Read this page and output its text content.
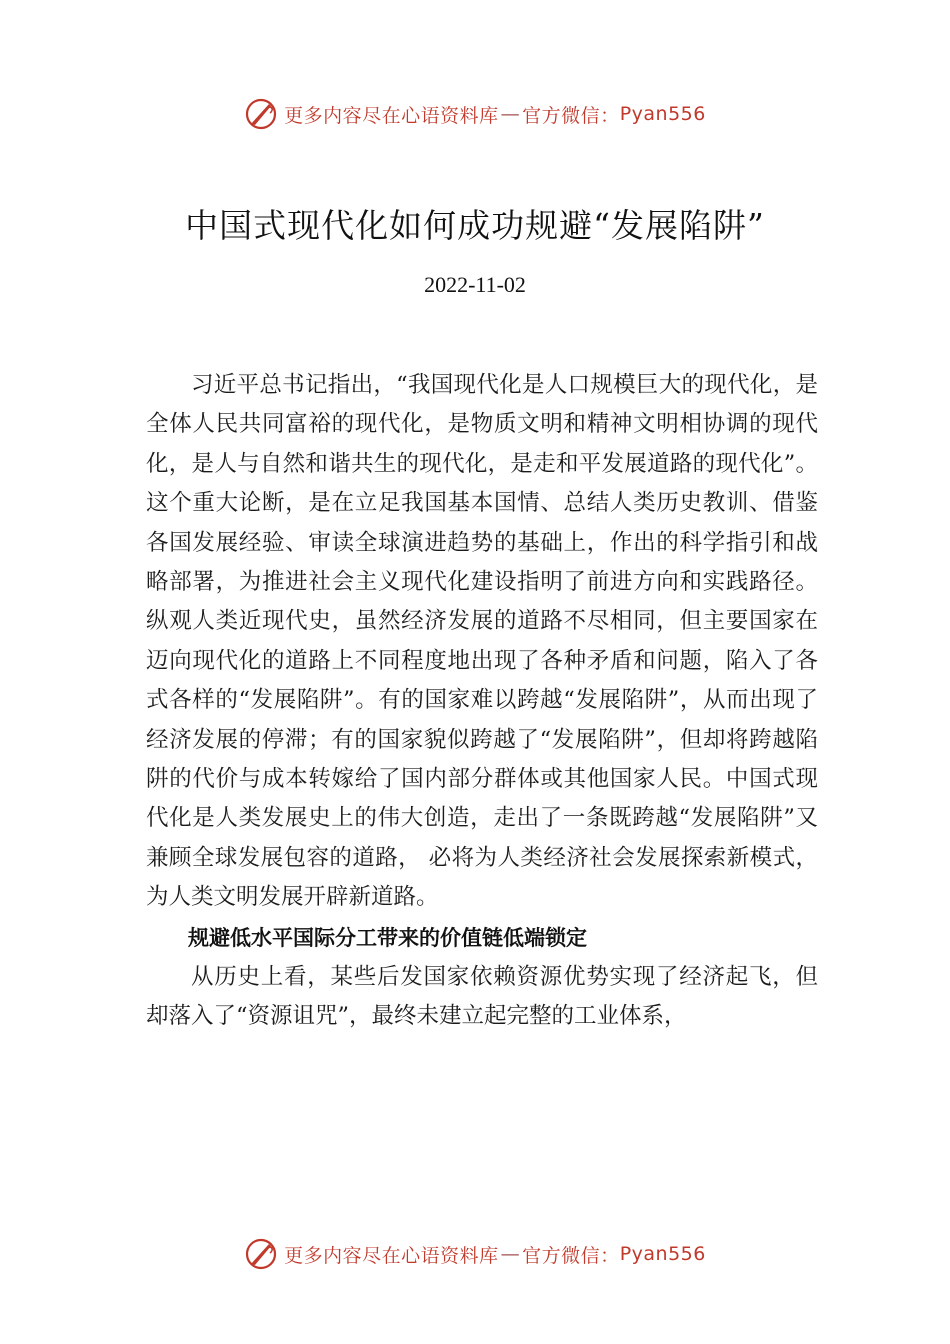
更多内容尽在心语资料库 — 官方微信： Pyan556
中国式现代化如何成功规避“发展陷阱”
2022-11-02

习近平总书记指出，“我国现代化是人口规模巨大的现代化，是全体人民共同富裕的现代化，是物质文明和精神文明相协调的现代化，是人与自然和谐共生的现代化，是走和平发展道路的现代化”。这个重大论断，是在立足我国基本国情、总结人类历史教训、借鉴各国发展经验、审读全球演进趋势的基础上，作出的科学指引和战略部署，为推进社会主义现代化建设指明了前进方向和实践路径。纵观人类近现代史，虽然经济发展的道路不尽相同，但主要国家在迈向现代化的道路上不同程度地出现了各种矛盾和问题，陷入了各式各样的“发展陷阱”。有的国家难以跨越“发展陷阱”，从而出现了经济发展的停滞；有的国家貌似跨越了“发展陷阱”，但却将跨越陷阱的代价与成本转嫁给了国内部分群体或其他国家人民。中国式现代化是人类发展史上的伟大创造，走出了一条既跨越“发展陷阱”又兼顾全球发展包容的道路， 必将为人类经济社会发展探索新模式，为人类文明发展开辟新道路。

规避低水平国际分工带来的价值链低端锁定

从历史上看，某些后发国家依赖资源优势实现了经济起飞，但却落入了“资源诅咒”，最终未建立起完整的工业体系，

更多内容尽在心语资料库 — 官方微信： Pyan556
